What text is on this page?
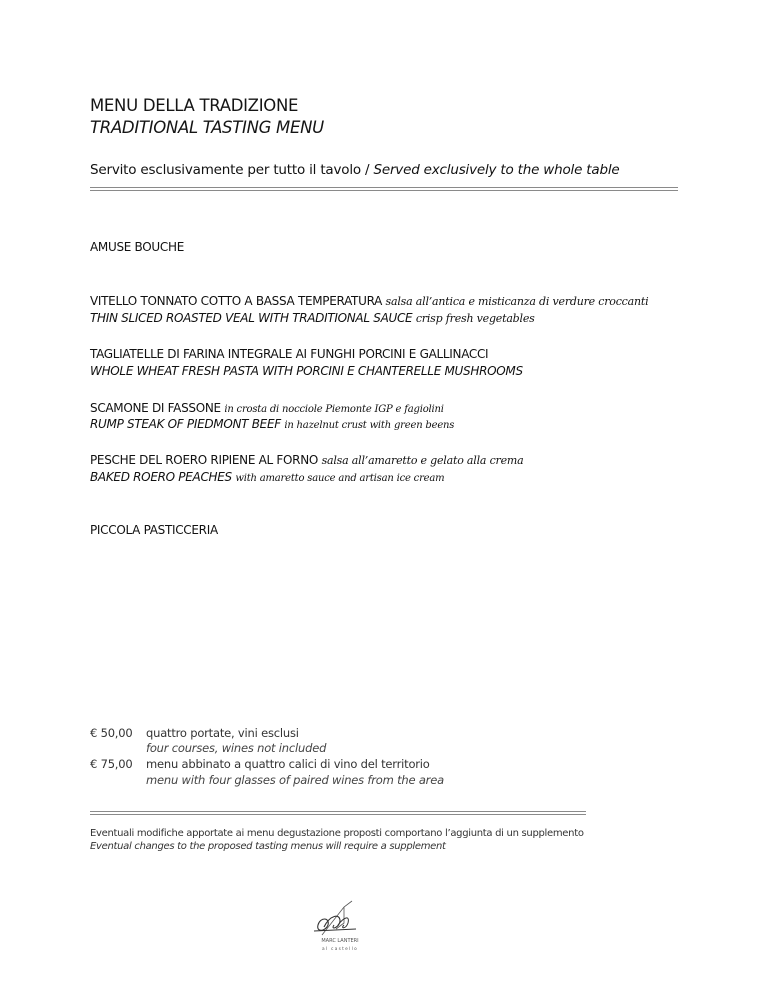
MENU DELLA TRADIZIONE
TRADITIONAL TASTING MENU
Servito esclusivamente per tutto il tavolo / Served exclusively to the whole table
AMUSE BOUCHE
VITELLO TONNATO COTTO A BASSA TEMPERATURA salsa all’antica e misticanza di verdure croccanti
THIN SLICED ROASTED VEAL WITH TRADITIONAL SAUCE crisp fresh vegetables
TAGLIATELLE DI FARINA INTEGRALE AI FUNGHI PORCINI E GALLINACCI
WHOLE WHEAT FRESH PASTA WITH PORCINI E CHANTERELLE MUSHROOMS
SCAMONE DI FASSONE in crosta di nocciole Piemonte IGP e fagiolini
RUMP STEAK OF PIEDMONT BEEF in hazelnut crust with green beens
PESCHE DEL ROERO RIPIENE AL FORNO salsa all’amaretto e gelato alla crema
BAKED ROERO PEACHES with amaretto sauce and artisan ice cream
PICCOLA PASTICCERIA
€ 50,00 quattro portate, vini esclusi
four courses, wines not included
€ 75,00 menu abbinato a quattro calici di vino del territorio
menu with four glasses of paired wines from the area
Eventuali modifiche apportate ai menu degustazione proposti comportano l’aggiunta di un supplemento
Eventual changes to the proposed tasting menus will require a supplement
MARC LANTERI
al castello
